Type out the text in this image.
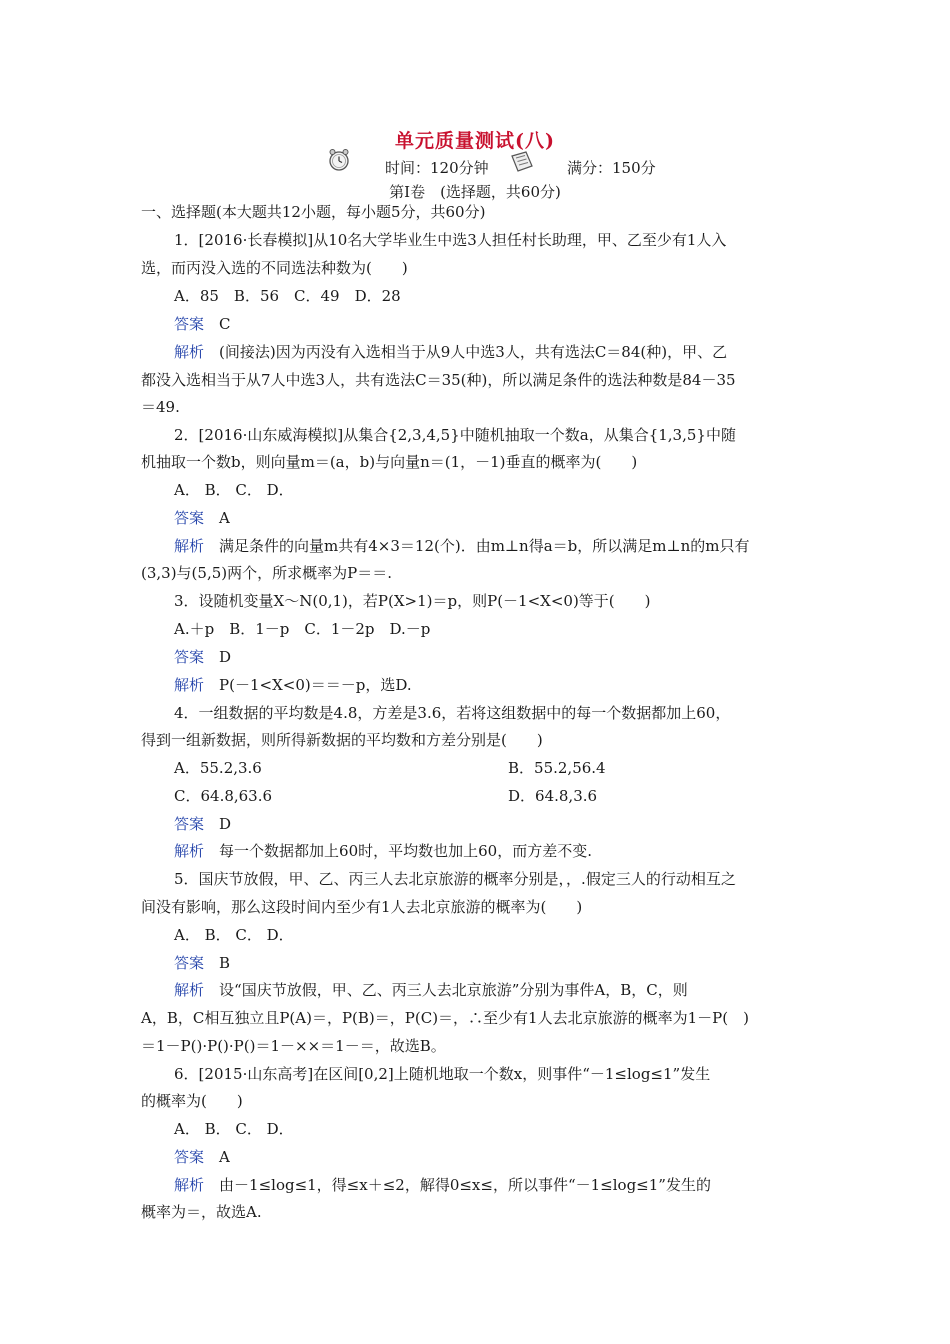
单元质量测试(八)
时间：120分钟	满分：150分
第Ⅰ卷　(选择题，共60分)
一、选择题(本大题共12小题，每小题5分，共60分)
1．[2016·长春模拟]从10名大学毕业生中选3人担任村长助理，甲、乙至少有1人入
选，而丙没入选的不同选法种数为(　　)
A．85　B．56　C．49　D．28
答案　 C
解析　 (间接法)因为丙没有入选相当于从9人中选3人，共有选法C＝84(种)，甲、乙
都没入选相当于从7人中选3人，共有选法C＝35(种)，所以满足条件的选法种数是84－35
＝49.
2．[2016·山东威海模拟]从集合{2,3,4,5}中随机抽取一个数a，从集合{1,3,5}中随
机抽取一个数b，则向量m＝(a，b)与向量n＝(1，－1)垂直的概率为(　　)
A． B． C． D．
答案　 A
解析　 满足条件的向量m共有4×3＝12(个)．由m⊥n得a＝b，所以满足m⊥n的m只有
(3,3)与(5,5)两个，所求概率为P＝＝.
3．设随机变量X～N(0,1)，若P(X>1)＝p，则P(－1<X<0)等于(　　)
A.＋p　B．1－p　C．1－2p　D.－p
答案　 D
解析　 P(－1<X<0)＝＝－p，选D.
4．一组数据的平均数是4.8，方差是3.6，若将这组数据中的每一个数据都加上60，
得到一组新数据，则所得新数据的平均数和方差分别是(　　)
A．55.2,3.6	B．55.2,56.4
C．64.8,63.6	D．64.8,3.6
答案　 D
解析　 每一个数据都加上60时，平均数也加上60，而方差不变.
5．国庆节放假，甲、乙、丙三人去北京旅游的概率分别是，，.假定三人的行动相互之
间没有影响，那么这段时间内至少有1人去北京旅游的概率为(　　)
A． B． C． D．
答案　 B
解析　 设“国庆节放假，甲、乙、丙三人去北京旅游”分别为事件A，B，C，则
A，B，C相互独立且P(A)＝，P(B)＝，P(C)＝，∴至少有1人去北京旅游的概率为1－P(　)
＝1－P()·P()·P()＝1－××＝1－＝，故选B。
6．[2015·山东高考]在区间[0,2]上随机地取一个数x，则事件“－1≤log≤1”发生
的概率为(　　)
A． B． C． D．
答案　 A
解析　 由－1≤log≤1，得≤x＋≤2，解得0≤x≤，所以事件“－1≤log≤1”发生的
概率为＝，故选A.
